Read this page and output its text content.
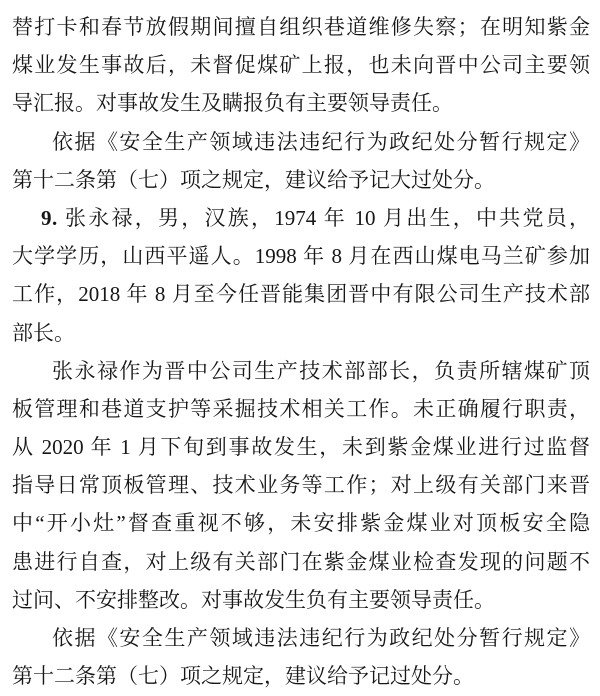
替打卡和春节放假期间擅自组织巷道维修失察；在明知紫金
煤业发生事故后，未督促煤矿上报，也未向晋中公司主要领
导汇报。对事故发生及瞒报负有主要领导责任。
依据《安全生产领域违法违纪行为政纪处分暂行规定》
第十二条第（七）项之规定，建议给予记大过处分。
9. 张永禄，男，汉族，1974 年 10 月出生，中共党员，
大学学历，山西平遥人。1998 年 8 月在西山煤电马兰矿参加
工作，2018 年 8 月至今任晋能集团晋中有限公司生产技术部
部长。
张永禄作为晋中公司生产技术部部长，负责所辖煤矿顶
板管理和巷道支护等采掘技术相关工作。未正确履行职责，
从 2020 年 1 月下旬到事故发生，未到紫金煤业进行过监督
指导日常顶板管理、技术业务等工作；对上级有关部门来晋
中“开小灶”督查重视不够，未安排紫金煤业对顶板安全隐
患进行自查，对上级有关部门在紫金煤业检查发现的问题不
过问、不安排整改。对事故发生负有主要领导责任。
依据《安全生产领域违法违纪行为政纪处分暂行规定》
第十二条第（七）项之规定，建议给予记过处分。
